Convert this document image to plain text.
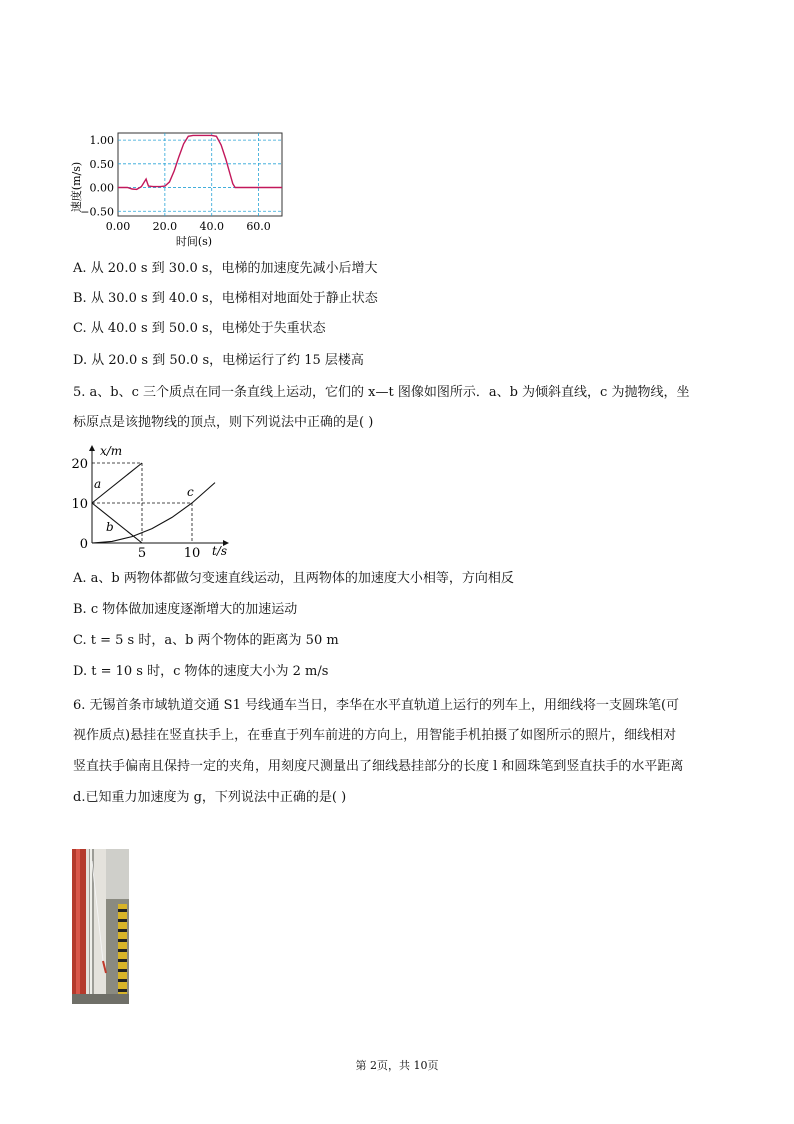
1.00
0.50
0.00
−0.50
0.00 20.0 40.0 60.0
速度(m/s)
时间(s)
A. 从 20.0 s 到 30.0 s，电梯的加速度先减小后增大
B. 从 30.0 s 到 40.0 s，电梯相对地面处于静止状态
C. 从 40.0 s 到 50.0 s，电梯处于失重状态
D. 从 20.0 s 到 50.0 s，电梯运行了约 15 层楼高
5. a、b、c 三个质点在同一条直线上运动，它们的 x—t 图像如图所示．a、b 为倾斜直线，c 为抛物线，坐
标原点是该抛物线的顶点，则下列说法中正确的是( )
20
10
0
5	10
x/m
t/s
a
b
c
A. a、b 两物体都做匀变速直线运动，且两物体的加速度大小相等，方向相反
B. c 物体做加速度逐渐增大的加速运动
C. t = 5 s 时，a、b 两个物体的距离为 50 m
D. t = 10 s 时，c 物体的速度大小为 2 m/s
6. 无锡首条市域轨道交通 S1 号线通车当日，李华在水平直轨道上运行的列车上，用细线将一支圆珠笔(可
视作质点)悬挂在竖直扶手上，在垂直于列车前进的方向上，用智能手机拍摄了如图所示的照片，细线相对
竖直扶手偏南且保持一定的夹角，用刻度尺测量出了细线悬挂部分的长度 l 和圆珠笔到竖直扶手的水平距离
d.已知重力加速度为 g，下列说法中正确的是( )
第 2页，共 10页
